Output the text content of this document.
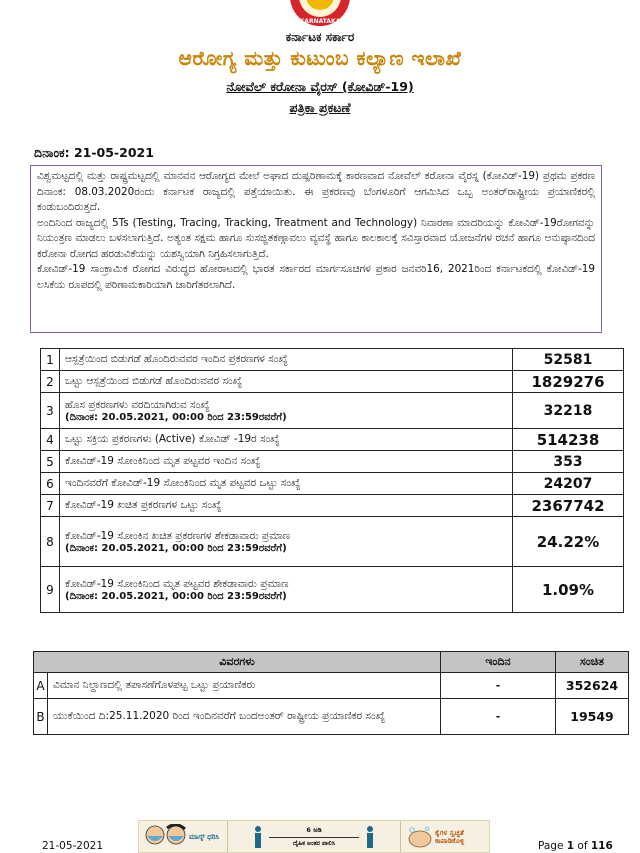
KARNATAKA
ಕರ್ನಾಟಕ ಸರ್ಕಾರ
ಆರೋಗ್ಯ ಮತ್ತು ಕುಟುಂಬ ಕಲ್ಯಾಣ ಇಲಾಖೆ
ನೋವೆಲ್ ಕರೋನಾ ವೈರಸ್ (ಕೋವಿಡ್-19)
ಪತ್ರಿಕಾ ಪ್ರಕಟಣೆ
ದಿನಾಂಕ: 21-05-2021

ವಿಶ್ವಮಟ್ಟದಲ್ಲಿ ಮತ್ತು ರಾಷ್ಟ್ರಮಟ್ಟದಲ್ಲಿ ಮಾನವನ ಆರೋಗ್ಯದ ಮೇಲೆ ಅಘಾದ ದುಷ್ಪರಿಣಾಮಕ್ಕೆ ಕಾರಣವಾದ ನೋವೆಲ್ ಕರೋನಾ ವೈರಸ್ನ (ಕೋವಿಡ್-19) ಪ್ರಥಮ ಪ್ರಕರಣ ದಿನಾಂಕ: 08.03.2020ರಂದು ಕರ್ನಾಟಕ ರಾಜ್ಯದಲ್ಲಿ ಪತ್ತೆಯಾಯಿತು. ಈ ಪ್ರಕರಣವು ಬೆಂಗಳೂರಿಗೆ ಆಗಮಿಸಿದ ಒಬ್ಬ ಅಂತರ್‌ರಾಷ್ಟ್ರೀಯ ಪ್ರಯಾಣಿಕರಲ್ಲಿ ಕಂಡುಬಂದಿರುತ್ತದೆ.

ಅಂದಿನಿಂದ ರಾಜ್ಯದಲ್ಲಿ 5Ts (Testing, Tracing, Tracking, Treatment and Technology) ನಿವಾರಣಾ ಮಾದರಿಯನ್ನು ಕೋವಿಡ್-19ರೋಗವನ್ನು ನಿಯಂತ್ರಣ ಮಾಡಲು ಬಳಸಲಾಗುತ್ತಿದೆ. ಅತ್ಯಂತ ಸಕ್ಷಮ ಹಾಗೂ ಸುಸಜ್ಜಿತಕಣ್ಗಾವಲು ವ್ಯವಸ್ಥೆ ಹಾಗೂ ಕಾಲಕಾಲಕ್ಕೆ ಸವಿಸ್ತಾರವಾದ ಯೋಜನೆಗಳ ರಚನೆ ಹಾಗೂ ಅನುಷ್ಠಾನದಿಂದ ಕರೋನಾ ರೋಗದ ಹರಡುವಿಕೆಯನ್ನು ಯಶಸ್ವಿಯಾಗಿ ನಿಗ್ರಹಿಸಲಾಗುತ್ತಿದೆ.

ಕೋವಿಡ್-19 ಸಾಂಕ್ರಾಮಿಕ ರೋಗದ ವಿರುದ್ಧದ ಹೋರಾಟದಲ್ಲಿ ಭಾರತ ಸರ್ಕಾರದ ಮಾರ್ಗಸೂಚಿಗಳ ಪ್ರಕಾರ ಜನವರಿ16, 2021ರಿಂದ ಕರ್ನಾಟಕದಲ್ಲಿ ಕೋವಿಡ್-19 ಲಸಿಕೆಯ ರೂಪದಲ್ಲಿ ಪರಿಣಾಮಕಾರಿಯಾಗಿ ಜಾರಿಗೆತರಲಾಗಿದೆ.

1	ಆಸ್ಪತ್ರೆಯಿಂದ ಬಿಡುಗಡೆ ಹೊಂದಿರುವವರ ಇಂದಿನ ಪ್ರಕರಣಗಳ ಸಂಖ್ಯೆ	52581
2	ಒಟ್ಟು ಆಸ್ಪತ್ರೆಯಿಂದ ಬಿಡುಗಡೆ ಹೊಂದಿರುವವರ ಸಂಖ್ಯೆ	1829276
3	ಹೊಸ ಪ್ರಕರಣಗಳು ವರದಿಯಾಗಿರುವ ಸಂಖ್ಯೆ
(ದಿನಾಂಕ: 20.05.2021, 00:00 ರಿಂದ 23:59ರವರೆಗೆ)	32218
4	ಒಟ್ಟು ಸಕ್ರಿಯ ಪ್ರಕರಣಗಳು (Active) ಕೋವಿಡ್ -19ರ ಸಂಖ್ಯೆ	514238
5	ಕೋವಿಡ್-19 ಸೋಂಕಿನಿಂದ ಮೃತ ಪಟ್ಟವರ ಇಂದಿನ ಸಂಖ್ಯೆ	353
6	ಇಂದಿನವರೆಗೆ ಕೋವಿಡ್-19 ಸೋಂಕಿನಿಂದ ಮೃತ ಪಟ್ಟವರ ಒಟ್ಟು ಸಂಖ್ಯೆ	24207
7	ಕೋವಿಡ್-19 ಖಚಿತ ಪ್ರಕರಣಗಳ ಒಟ್ಟು ಸಂಖ್ಯೆ	2367742
8	ಕೋವಿಡ್-19 ಸೋಂಕಿನ ಖಚಿತ ಪ್ರಕರಣಗಳ ಶೇಕಡಾವಾರು ಪ್ರಮಾಣ
(ದಿನಾಂಕ: 20.05.2021, 00:00 ರಿಂದ 23:59ರವರೆಗೆ)	24.22%
9	ಕೋವಿಡ್-19 ಸೋಂಕಿನಿಂದ ಮೃತ ಪಟ್ಟವರ ಶೇಕಡಾವಾರು ಪ್ರಮಾಣ
(ದಿನಾಂಕ: 20.05.2021, 00:00 ರಿಂದ 23:59ರವರೆಗೆ)	1.09%
ವಿವರಗಳು		ಇಂದಿನ	ಸಂಚಿತ
A	ವಿಮಾನ ನಿಲ್ದಾಣದಲ್ಲಿ ತಪಾಸಣೆಗೊಳಪಟ್ಟ ಒಟ್ಟು ಪ್ರಯಾಣಿಕರು	-	352624
B	ಯುಕೆಯಿಂದ ದಿ:25.11.2020 ರಿಂದ ಇಂದಿನವರೆಗೆ ಬಂದಅಂತರ್ ರಾಷ್ಟ್ರೀಯ ಪ್ರಯಾಣಿಕರ ಸಂಖ್ಯೆ	-	19549
21-05-2021
ಮಾಸ್ಕ್ ಧರಿಸಿ
6 ಅಡಿ
ದೈಹಿಕ ಅಂತರ ಪಾಲಿಸಿ
ಕೈಗಳ ಸ್ವಚ್ಛತೆ ಕಾಪಾಡಿಕೊಳ್ಳಿ	Page 1 of 116
